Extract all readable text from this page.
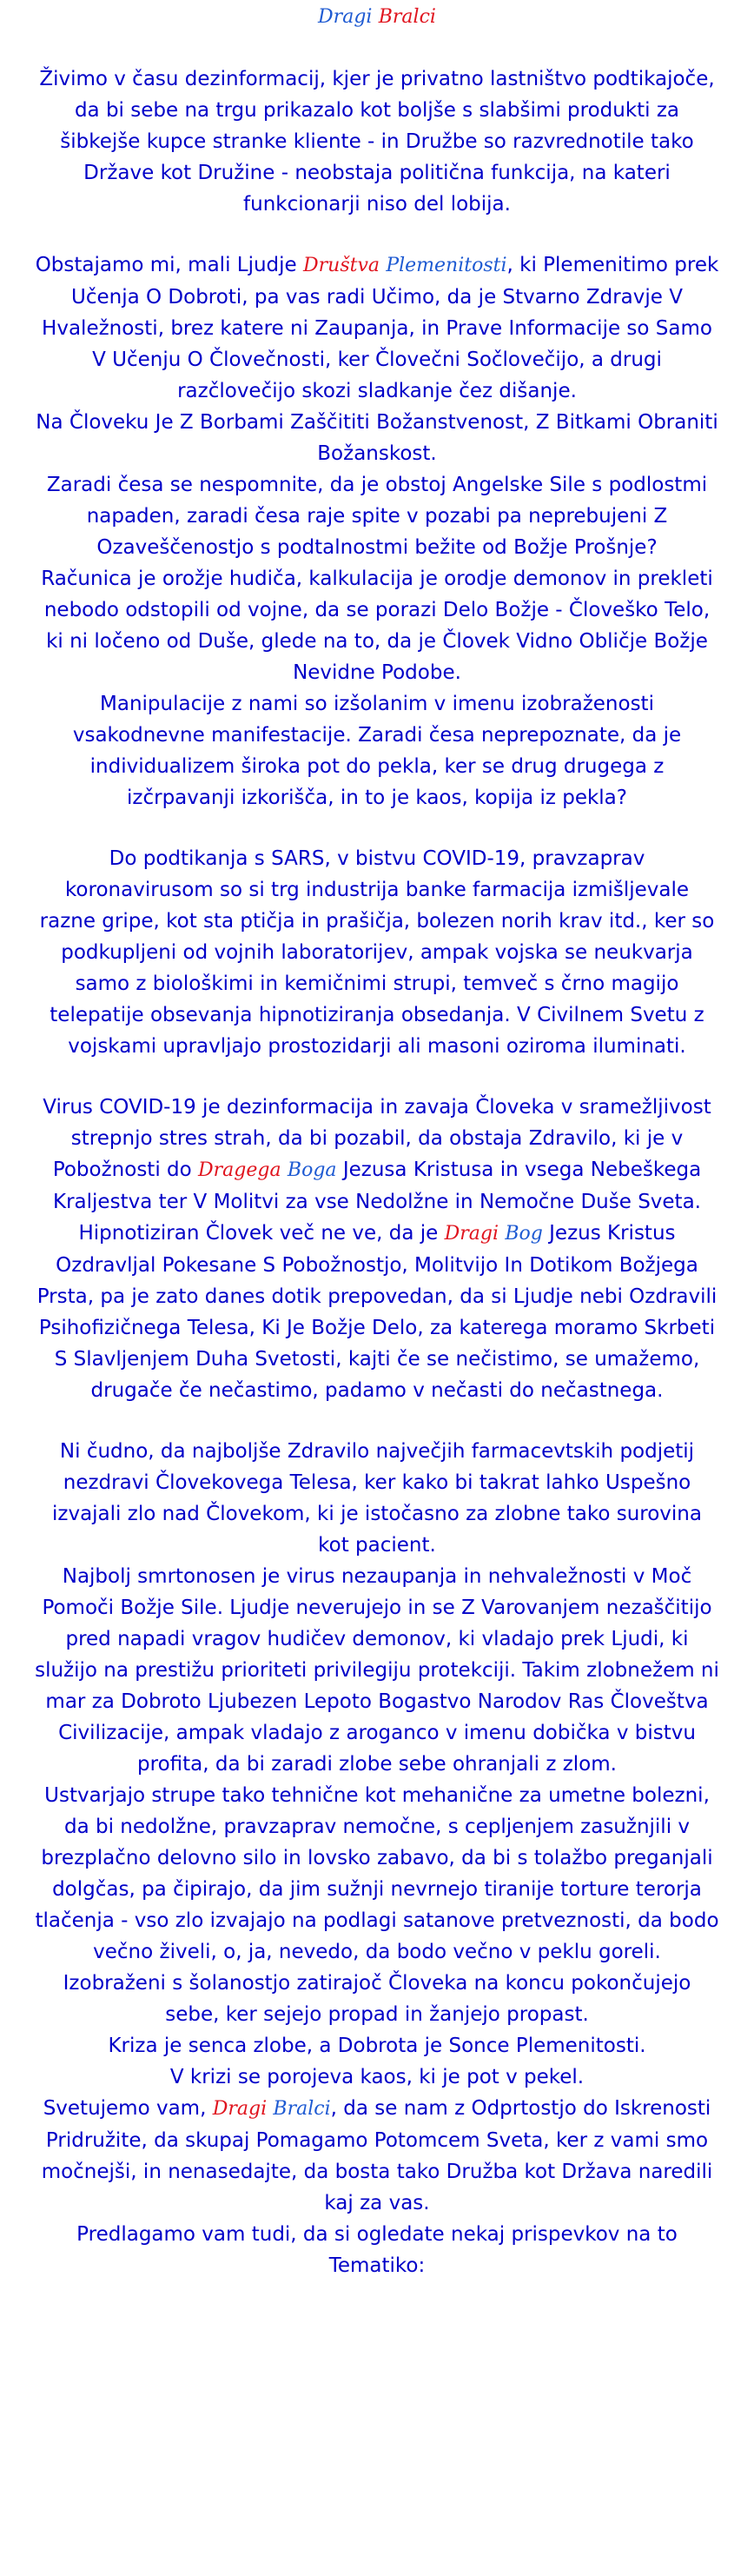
Dragi Bralci

Živimo v času dezinformacij, kjer je privatno lastništvo podtikajoče, da bi sebe na trgu prikazalo kot boljše s slabšimi produkti za šibkejše kupce stranke kliente - in Družbe so razvrednotile tako Države kot Družine - neobstaja politična funkcija, na kateri funkcionarji niso del lobija.

Obstajamo mi, mali Ljudje Društva Plemenitosti, ki Plemenitimo prek Učenja O Dobroti, pa vas radi Učimo, da je Stvarno Zdravje V Hvaležnosti, brez katere ni Zaupanja, in Prave Informacije so Samo V Učenju O Človečnosti, ker Človečni Sočlovečijo, a drugi razčlovečijo skozi sladkanje čez dišanje.

Na Človeku Je Z Borbami Zaščititi Božanstvenost, Z Bitkami Obraniti Božanskost.

Zaradi česa se nespomnite, da je obstoj Angelske Sile s podlostmi napaden, zaradi česa raje spite v pozabi pa neprebujeni Z Ozaveščenostjo s podtalnostmi bežite od Božje Prošnje?

Računica je orožje hudiča, kalkulacija je orodje demonov in prekleti nebodo odstopili od vojne, da se porazi Delo Božje - Človeško Telo, ki ni ločeno od Duše, glede na to, da je Človek Vidno Obličje Božje Nevidne Podobe.

Manipulacije z nami so izšolanim v imenu izobraženosti vsakodnevne manifestacije. Zaradi česa neprepoznate, da je individualizem široka pot do pekla, ker se drug drugega z izčrpavanji izkorišča, in to je kaos, kopija iz pekla?

Do podtikanja s SARS, v bistvu COVID-19, pravzaprav koronavirusom so si trg industrija banke farmacija izmišljevale razne gripe, kot sta ptičja in prašičja, bolezen norih krav itd., ker so podkupljeni od vojnih laboratorijev, ampak vojska se neukvarja samo z biološkimi in kemičnimi strupi, temveč s črno magijo telepatije obsevanja hipnotiziranja obsedanja. V Civilnem Svetu z vojskami upravljajo prostozidarji ali masoni oziroma iluminati.

Virus COVID-19 je dezinformacija in zavaja Človeka v sramežljivost strepnjo stres strah, da bi pozabil, da obstaja Zdravilo, ki je v Pobožnosti do Dragega Boga Jezusa Kristusa in vsega Nebeškega Kraljestva ter V Molitvi za vse Nedolžne in Nemočne Duše Sveta.

Hipnotiziran Človek več ne ve, da je Dragi Bog Jezus Kristus Ozdravljal Pokesane S Pobožnostjo, Molitvijo In Dotikom Božjega Prsta, pa je zato danes dotik prepovedan, da si Ljudje nebi Ozdravili Psihofizičnega Telesa, Ki Je Božje Delo, za katerega moramo Skrbeti S Slavljenjem Duha Svetosti, kajti če se nečistimo, se umažemo, drugače če nečastimo, padamo v nečasti do nečastnega.

Ni čudno, da najboljše Zdravilo največjih farmacevtskih podjetij nezdravi Človekovega Telesa, ker kako bi takrat lahko Uspešno izvajali zlo nad Človekom, ki je istočasno za zlobne tako surovina kot pacient.

Najbolj smrtonosen je virus nezaupanja in nehvaležnosti v Moč Pomoči Božje Sile. Ljudje neverujejo in se Z Varovanjem nezaščitijo pred napadi vragov hudičev demonov, ki vladajo prek Ljudi, ki služijo na prestižu prioriteti privilegiju protekciji. Takim zlobnežem ni mar za Dobroto Ljubezen Lepoto Bogastvo Narodov Ras Človeštva Civilizacije, ampak vladajo z aroganco v imenu dobička v bistvu profita, da bi zaradi zlobe sebe ohranjali z zlom.

Ustvarjajo strupe tako tehnične kot mehanične za umetne bolezni, da bi nedolžne, pravzaprav nemočne, s cepljenjem zasužnjili v brezplačno delovno silo in lovsko zabavo, da bi s tolažbo preganjali dolgčas, pa čipirajo, da jim sužnji nevrnejo tiranije torture terorja tlačenja - vso zlo izvajajo na podlagi satanove pretveznosti, da bodo večno živeli, o, ja, nevedo, da bodo večno v peklu goreli.

Izobraženi s šolanostjo zatirajoč Človeka na koncu pokončujejo sebe, ker sejejo propad in žanjejo propast.

Kriza je senca zlobe, a Dobrota je Sonce Plemenitosti.

V krizi se porojeva kaos, ki je pot v pekel.

Svetujemo vam, Dragi Bralci, da se nam z Odprtostjo do Iskrenosti Pridružite, da skupaj Pomagamo Potomcem Sveta, ker z vami smo močnejši, in nenasedajte, da bosta tako Družba kot Država naredili kaj za vas.

Predlagamo vam tudi, da si ogledate nekaj prispevkov na to Tematiko:
